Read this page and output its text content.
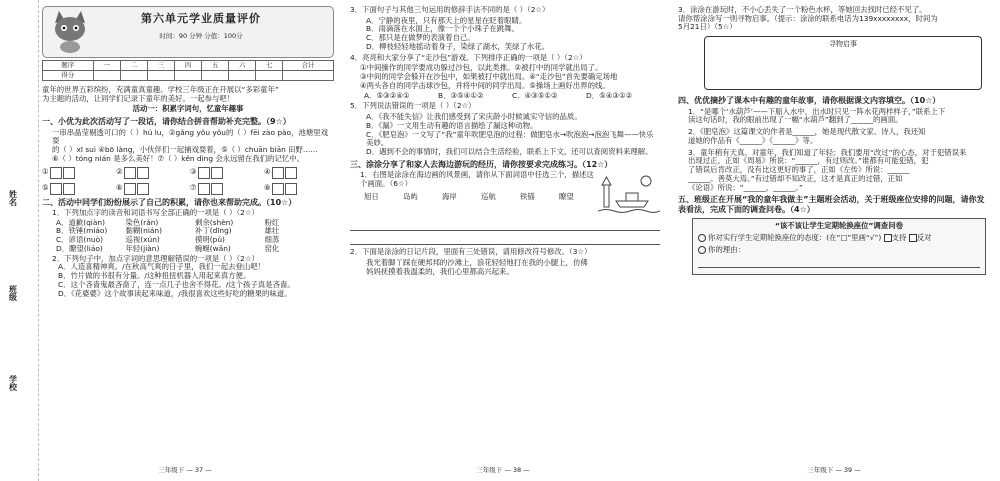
姓名
班级
学校
第六单元学业质量评价
时间：90 分钟 分值：100分
题序	一	二	三	四	五	六	七	合计
得分								
童年的世界五彩缤纷，充满童真童趣。学校三年级正在开展以“多彩童年”
为主题的活动，让同学们记录下童年的美好。一起参与吧！
活动一：积累字词句，忆童年趣事
一、小优为此次活动写了一段话，请你结合拼音帮助补充完整。（9☆）
一串串晶莹剔透可口的（ ）hú lu，②gǎng yǒu yǒu的（ ）fēi zào pào，池塘里戏耍
的（ ）xī suì ④bō làng，小伙伴们一起捕戏耍着，⑤（ ）chuān biān 田野……
⑥（ ）tóng nián 是多么美好！⑦（ ）kěn dìng 会永远留在我们的记忆中。
①	②	③	④
⑤	⑥	⑦	⑧
二、活动中同学们纷纷展示了自己的积累，请你也来帮助完成。（10☆）
1．下列加点字的读音和词语书写全部正确的一项是（ ）（2☆）
A．道歉(qiàn)	染色(rǎn)	剩余(shèn)	粉红
B．铁锤(miáo)	黏糊(nián)	补丁(dīng)	雄壮
C．谚语(nuò)	巡视(xún)	摸明(pǔ)	细蒸
D．瞭望(liáo)	年轻(jiàn)	蜿蜒(wǎn)	窑化
2．下列句子中，加点字词的意思理解错误的一项是（ ）（2☆）
A．人造喜精神爽。/在秋高气爽的日子里，我们一起去登山吧！
B．竹片做的书很有分量。/这种扭扭机器人用起来真方便。
C．这个吝啬鬼最吝啬了，连一点几子也舍不得花。/这个孩子真是吝啬。
D．《花婆婆》这个故事读起来味道，/我很喜欢这些好吃的糖果的味道。
三年级下 — 37 —
3．下面句子与其他三句运用的修辞手法不同的是（ ）（2☆）
A．宁静的夜里，只有那天上的星星在眨着眼睛。
B．雨滴落在水面上，像一个个小珠子在跳舞。
C．那只是在做梦的表演着自己。
D．柳枝轻轻地摇动着身子，染绿了湖水，笑绿了水花。
4．亮亮和大家分享了“走沙包”游戏。下列排序正确的一项是（ ）（2☆）
①中间操作的同学要成功躲过沙包，以此类推。②被打中的同学就出局了。
③中间的同学会躲开在沙包中，如果被打中就出局。④“走沙包”首先要确定场地
④两头各自的同学击球沙包，并将中间的同学出局。⑤操场上画好出界的线。
A．⑤③②④①	B．③⑤④①②	C．④③⑤①②	D．⑤④③①②
5．下列说法错误的一项是（ ）（2☆）
A．《我不能失信》让我们感受到了宋庆龄小时候诚实守信的品质。
B．《漏》一文用生动有趣的语言描绘了漏这种动物。
C．《肥皂泡》一文写了“我”童年吹肥皂泡的过程：做肥皂水→吹泡泡→泡泡飞舞——快乐美妙。
D．遇到不会的事情时，我们可以结合生活经验，联系上下文，还可以查阅资料来理解。
三、涂涂分享了和家人去海边游玩的经历，请你按要求完成练习。（12☆）
1．右图是涂涂在海边画的风景画，请你从下面词语中任选三个，描述这个画面。（6☆）
旭日	岛屿	海岸	巡航	铁锚	瞭望
2．下面是涂涂的日记片段，里面有三处错误，请用修改符号修改。（3☆）
我光着脚丫踩在硬邦邦的沙滩上，浪花轻轻地打在我的小腿上，仿佛
妈妈抚摸着我温柔的，我们心里都高兴起来。
三年级下 — 38 —
3．涂涂在游玩时，不小心丢失了一个粉色水杯，等她回去找时已经不见了。
请你帮涂涂写一则寻物启事。（提示：涂涂的联系电话为139xxxxxxxx，时间为
5月21日）（5☆）
寻物启事
四、优优摘抄了课本中有趣的童年故事，请你根据课文内容填空。（10☆）
1．“是哪个‘水葫芦’——下船入水中，出水时只见一阵水花两样样子，”联系上下
读这句话时，我的眼前出现了一幅“水葫芦”翻到了______的画面。
2．《肥皂泡》这篇课文的作者是______，她是现代散文家、诗人，我还知
道她的作品有《______》《______》等。
3．童年稍有天真。对童年，我们知道了年轻；我们要用“改过”的心态，对于犯错误来
出现过正，正如《周易》所说：“______，有过则改。”谁都有可能犯错，犯
了错误后肯改正，没有比这更好的事了，正如《左传》所说：______
______。善莫大焉。”有过错却不知改正，这才是真正的过错，正如
《论语》所说：“______，______。”
五、班级正在开展“我的童年我做主”主题班会活动，关于班级座位安排的问题，请你发表看法，完成下面的调查问卷。（4☆）
“该不该让学生定期轮换座位”调查问卷
你对实行学生定期轮换座位的态度：(在“□”里画“√”) 支持 反对
你的理由：
三年级下 — 39 —
